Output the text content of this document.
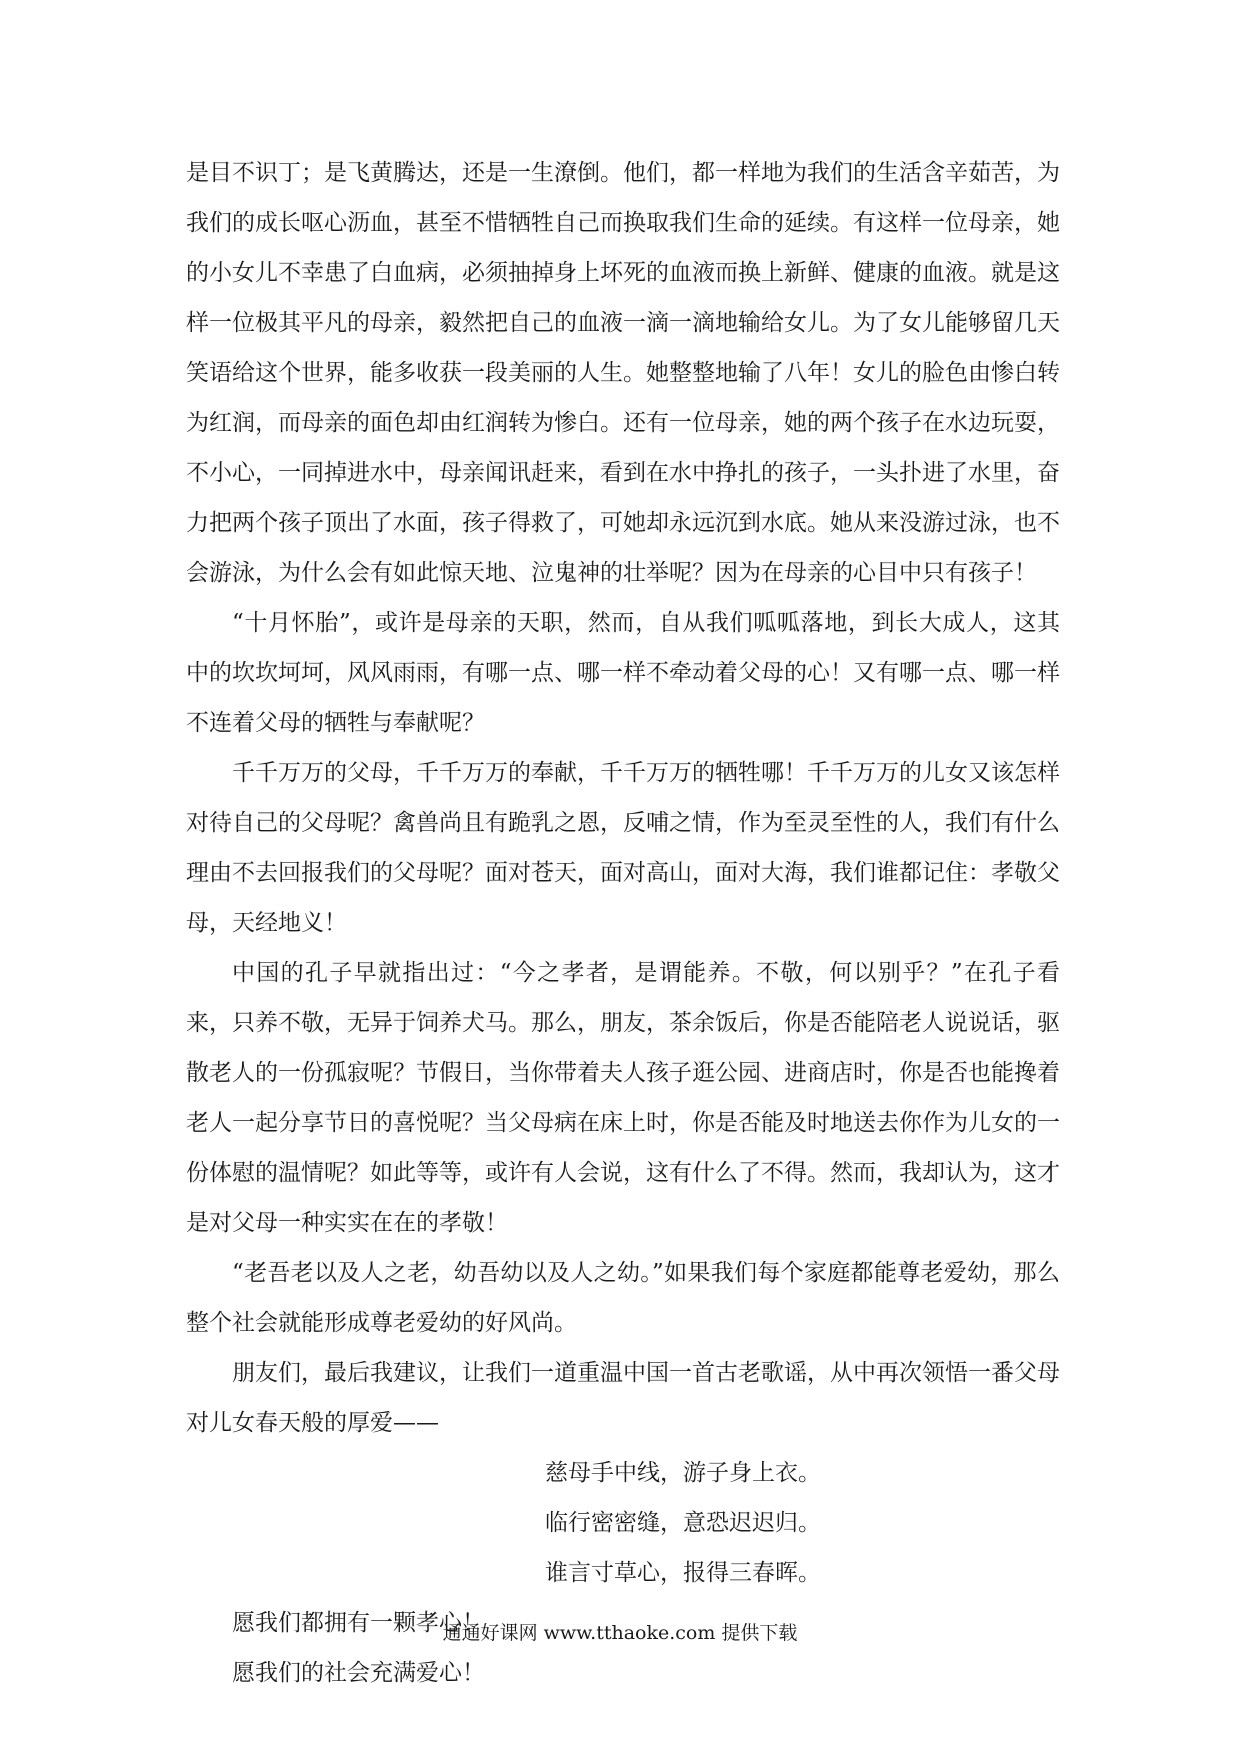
是目不识丁；是飞黄腾达，还是一生潦倒。他们，都一样地为我们的生活含辛茹苦，为我们的成长呕心沥血，甚至不惜牺牲自己而换取我们生命的延续。有这样一位母亲，她的小女儿不幸患了白血病，必须抽掉身上坏死的血液而换上新鲜、健康的血液。就是这样一位极其平凡的母亲，毅然把自己的血液一滴一滴地输给女儿。为了女儿能够留几天笑语给这个世界，能多收获一段美丽的人生。她整整地输了八年！女儿的脸色由惨白转为红润，而母亲的面色却由红润转为惨白。还有一位母亲，她的两个孩子在水边玩耍，不小心，一同掉进水中，母亲闻讯赶来，看到在水中挣扎的孩子，一头扑进了水里，奋力把两个孩子顶出了水面，孩子得救了，可她却永远沉到水底。她从来没游过泳，也不会游泳，为什么会有如此惊天地、泣鬼神的壮举呢？因为在母亲的心目中只有孩子！

“十月怀胎”，或许是母亲的天职，然而，自从我们呱呱落地，到长大成人，这其中的坎坎坷坷，风风雨雨，有哪一点、哪一样不牵动着父母的心！又有哪一点、哪一样不连着父母的牺牲与奉献呢？

千千万万的父母，千千万万的奉献，千千万万的牺牲哪！千千万万的儿女又该怎样对待自己的父母呢？禽兽尚且有跪乳之恩，反哺之情，作为至灵至性的人，我们有什么理由不去回报我们的父母呢？面对苍天，面对高山，面对大海，我们谁都记住：孝敬父母，天经地义！

中国的孔子早就指出过：“今之孝者，是谓能养。不敬，何以别乎？”在孔子看来，只养不敬，无异于饲养犬马。那么，朋友，茶余饭后，你是否能陪老人说说话，驱散老人的一份孤寂呢？节假日，当你带着夫人孩子逛公园、进商店时，你是否也能搀着老人一起分享节日的喜悦呢？当父母病在床上时，你是否能及时地送去你作为儿女的一份体慰的温情呢？如此等等，或许有人会说，这有什么了不得。然而，我却认为，这才是对父母一种实实在在的孝敬！

“老吾老以及人之老，幼吾幼以及人之幼。”如果我们每个家庭都能尊老爱幼，那么整个社会就能形成尊老爱幼的好风尚。

朋友们，最后我建议，让我们一道重温中国一首古老歌谣，从中再次领悟一番父母对儿女春天般的厚爱——

慈母手中线，游子身上衣。
临行密密缝，意恐迟迟归。
谁言寸草心，报得三春晖。

愿我们都拥有一颗孝心！

愿我们的社会充满爱心！

通通好课网 www.tthaoke.com 提供下载
